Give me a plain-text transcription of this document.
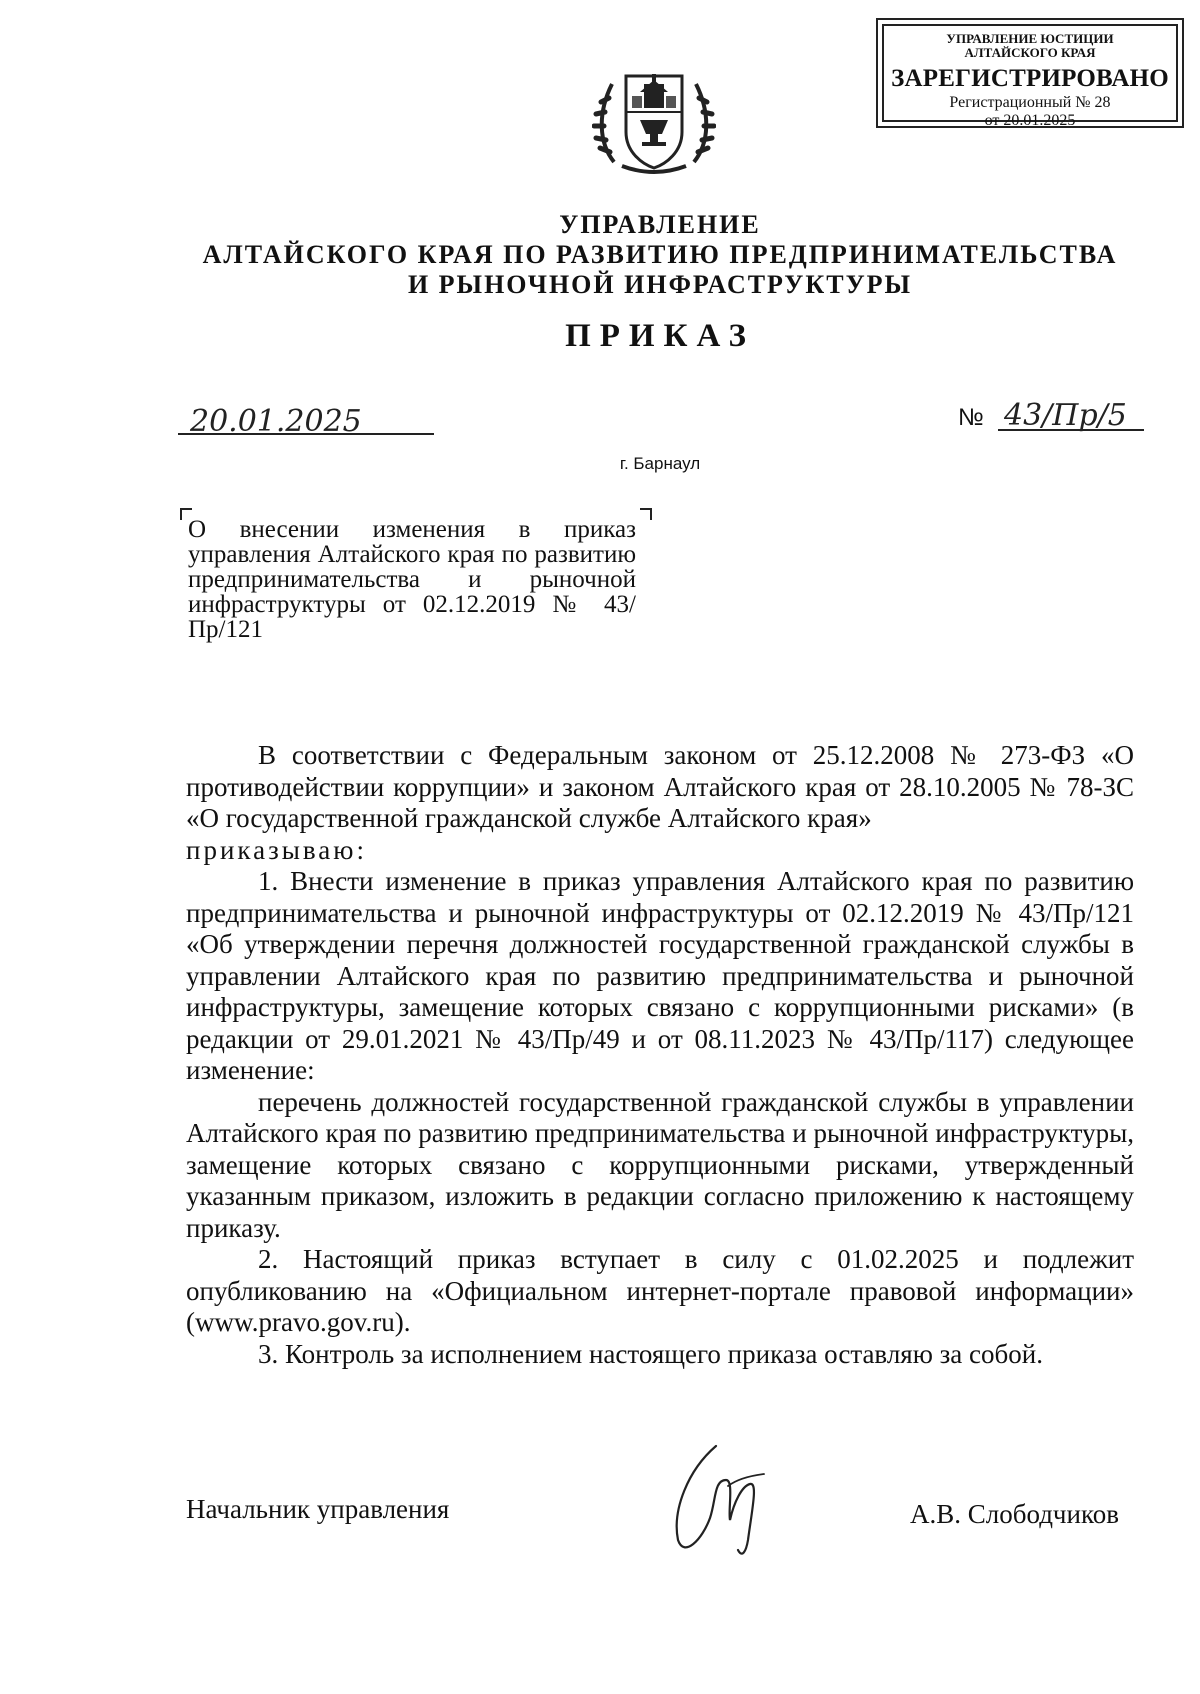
УПРАВЛЕНИЕ ЮСТИЦИИ
АЛТАЙСКОГО КРАЯ
ЗАРЕГИСТРИРОВАНО
Регистрационный № 28
от 20.01.2025
УПРАВЛЕНИЕ
АЛТАЙСКОГО КРАЯ ПО РАЗВИТИЮ ПРЕДПРИНИМАТЕЛЬСТВА
И РЫНОЧНОЙ ИНФРАСТРУКТУРЫ
ПРИКАЗ
20.01.2025	№ 43/Пр/5
г. Барнаул
О внесении изменения в приказ управления Алтайского края по развитию предпринимательства и рыночной инфраструктуры от 02.12.2019 № 43/Пр/121

В соответствии с Федеральным законом от 25.12.2008 № 273-ФЗ «О противодействии коррупции» и законом Алтайского края от 28.10.2005 № 78-ЗС «О государственной гражданской службе Алтайского края»

приказываю:

1. Внести изменение в приказ управления Алтайского края по развитию предпринимательства и рыночной инфраструктуры от 02.12.2019 № 43/Пр/121 «Об утверждении перечня должностей государственной гражданской службы в управлении Алтайского края по развитию предпринимательства и рыночной инфраструктуры, замещение которых связано с коррупционными рисками» (в редакции от 29.01.2021 № 43/Пр/49 и от 08.11.2023 № 43/Пр/117) следующее изменение:

перечень должностей государственной гражданской службы в управлении Алтайского края по развитию предпринимательства и рыночной инфраструктуры, замещение которых связано с коррупционными рисками, утвержденный указанным приказом, изложить в редакции согласно приложению к настоящему приказу.

2. Настоящий приказ вступает в силу с 01.02.2025 и подлежит опубликованию на «Официальном интернет-портале правовой информации» (www.pravo.gov.ru).

3. Контроль за исполнением настоящего приказа оставляю за собой.

Начальник управления	А.В. Слободчиков
